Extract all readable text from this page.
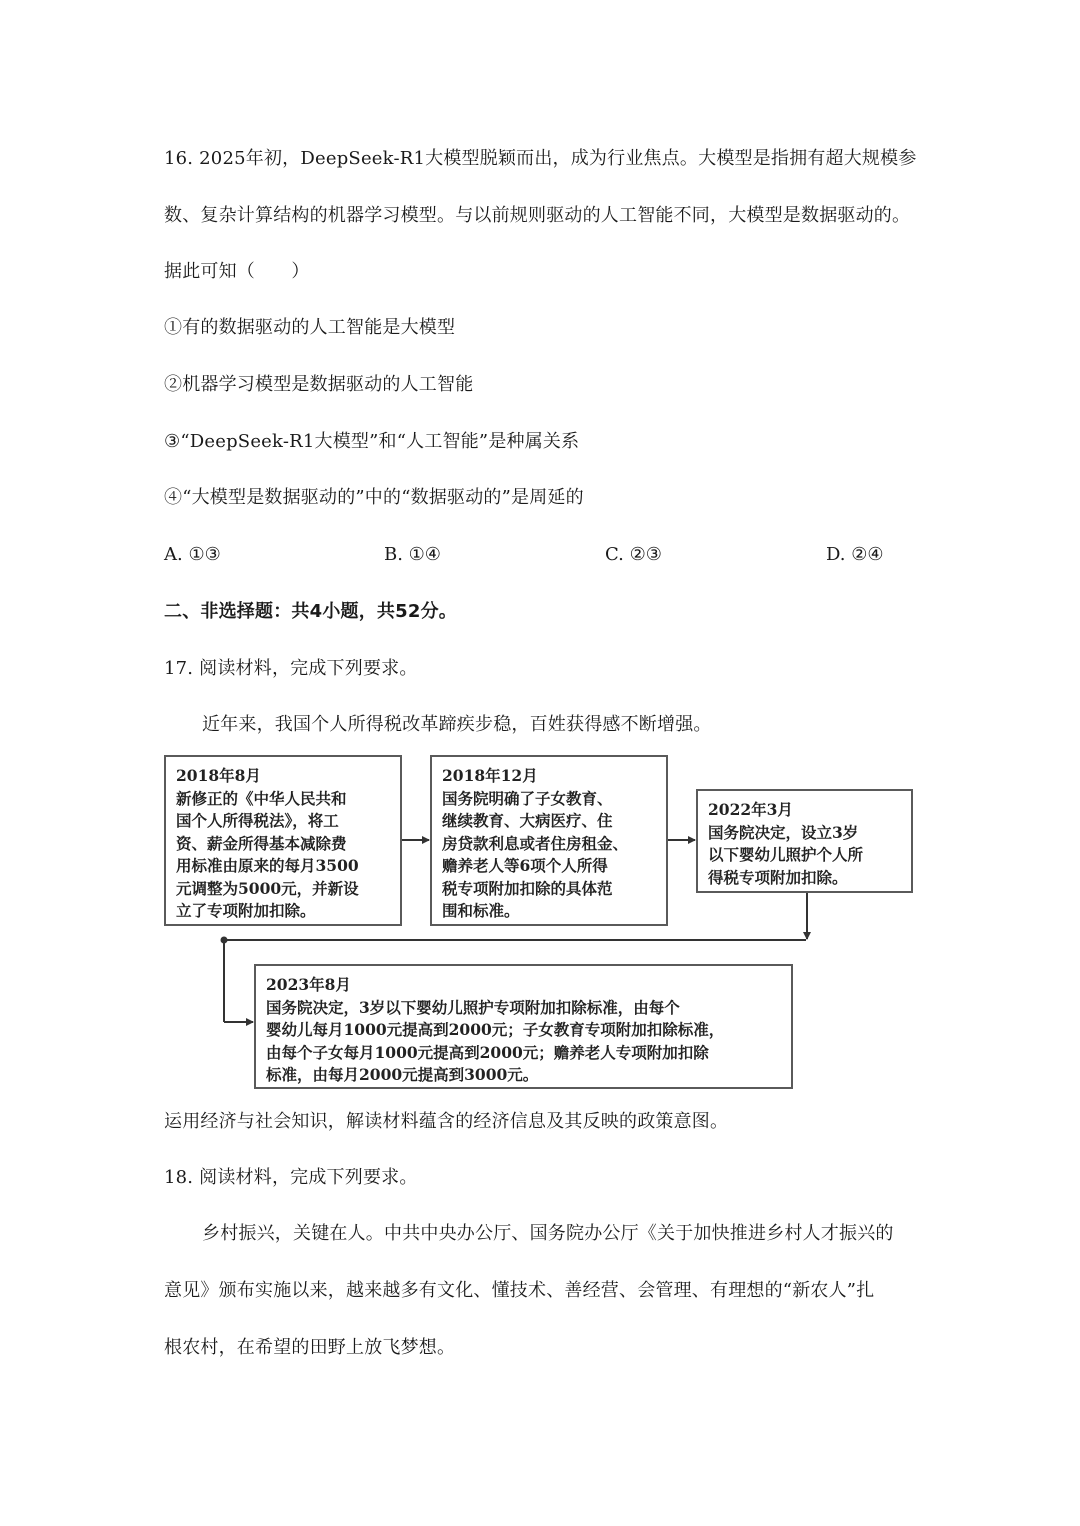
16. 2025年初，DeepSeek-R1大模型脱颖而出，成为行业焦点。大模型是指拥有超大规模参
数、复杂计算结构的机器学习模型。与以前规则驱动的人工智能不同，大模型是数据驱动的。
据此可知（　　）
①有的数据驱动的人工智能是大模型
②机器学习模型是数据驱动的人工智能
③“DeepSeek-R1大模型”和“人工智能”是种属关系
④“大模型是数据驱动的”中的“数据驱动的”是周延的
A. ①③	B. ①④	C. ②③	D. ②④
二、非选择题：共4小题，共52分。
17. 阅读材料，完成下列要求。
近年来，我国个人所得税改革蹄疾步稳，百姓获得感不断增强。
2018年8月
新修正的《中华人民共和
国个人所得税法》，将工
资、薪金所得基本减除费
用标准由原来的每月3500
元调整为5000元，并新设
立了专项附加扣除。
2018年12月
国务院明确了子女教育、
继续教育、大病医疗、住
房贷款利息或者住房租金、
赡养老人等6项个人所得
税专项附加扣除的具体范
围和标准。
2022年3月
国务院决定，设立3岁
以下婴幼儿照护个人所
得税专项附加扣除。
2023年8月
国务院决定，3岁以下婴幼儿照护专项附加扣除标准，由每个
婴幼儿每月1000元提高到2000元；子女教育专项附加扣除标准，
由每个子女每月1000元提高到2000元；赡养老人专项附加扣除
标准，由每月2000元提高到3000元。
运用经济与社会知识，解读材料蕴含的经济信息及其反映的政策意图。
18. 阅读材料，完成下列要求。
乡村振兴，关键在人。中共中央办公厅、国务院办公厅《关于加快推进乡村人才振兴的
意见》颁布实施以来，越来越多有文化、懂技术、善经营、会管理、有理想的“新农人”扎
根农村，在希望的田野上放飞梦想。
